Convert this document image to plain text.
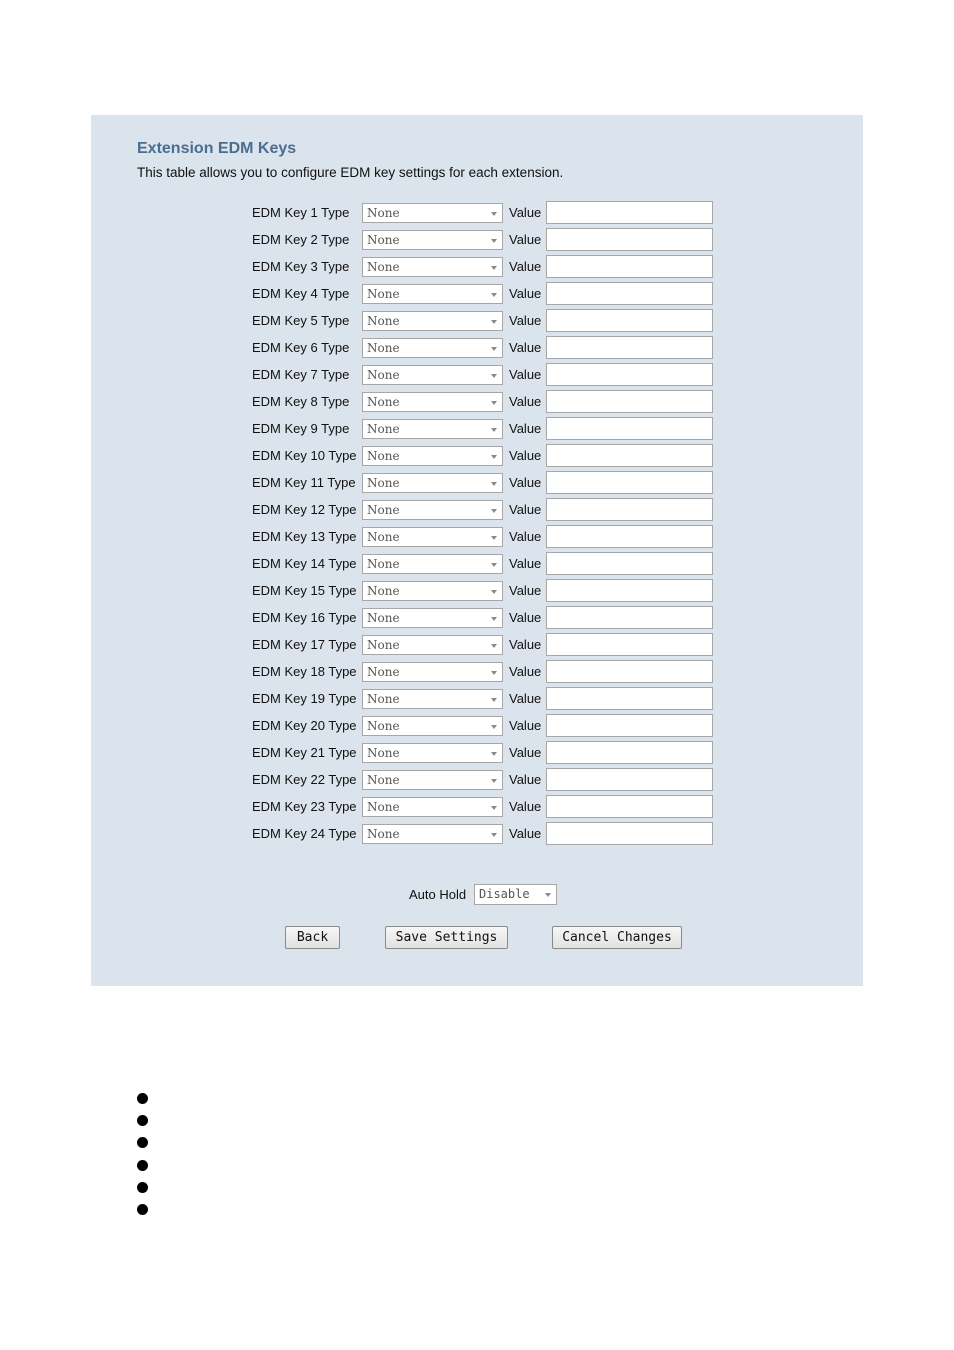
Extension EDM Keys
This table allows you to configure EDM key settings for each extension.
EDM Key 1 Type None	Value
EDM Key 2 Type None	Value
EDM Key 3 Type None	Value
EDM Key 4 Type None	Value
EDM Key 5 Type None	Value
EDM Key 6 Type None	Value
EDM Key 7 Type None	Value
EDM Key 8 Type None	Value
EDM Key 9 Type None	Value
EDM Key 10 Type None	Value
EDM Key 11 Type None	Value
EDM Key 12 Type None	Value
EDM Key 13 Type None	Value
EDM Key 14 Type None	Value
EDM Key 15 Type None	Value
EDM Key 16 Type None	Value
EDM Key 17 Type None	Value
EDM Key 18 Type None	Value
EDM Key 19 Type None	Value
EDM Key 20 Type None	Value
EDM Key 21 Type None	Value
EDM Key 22 Type None	Value
EDM Key 23 Type None	Value
EDM Key 24 Type None	Value
Auto Hold Disable
Back	Save Settings	Cancel Changes
